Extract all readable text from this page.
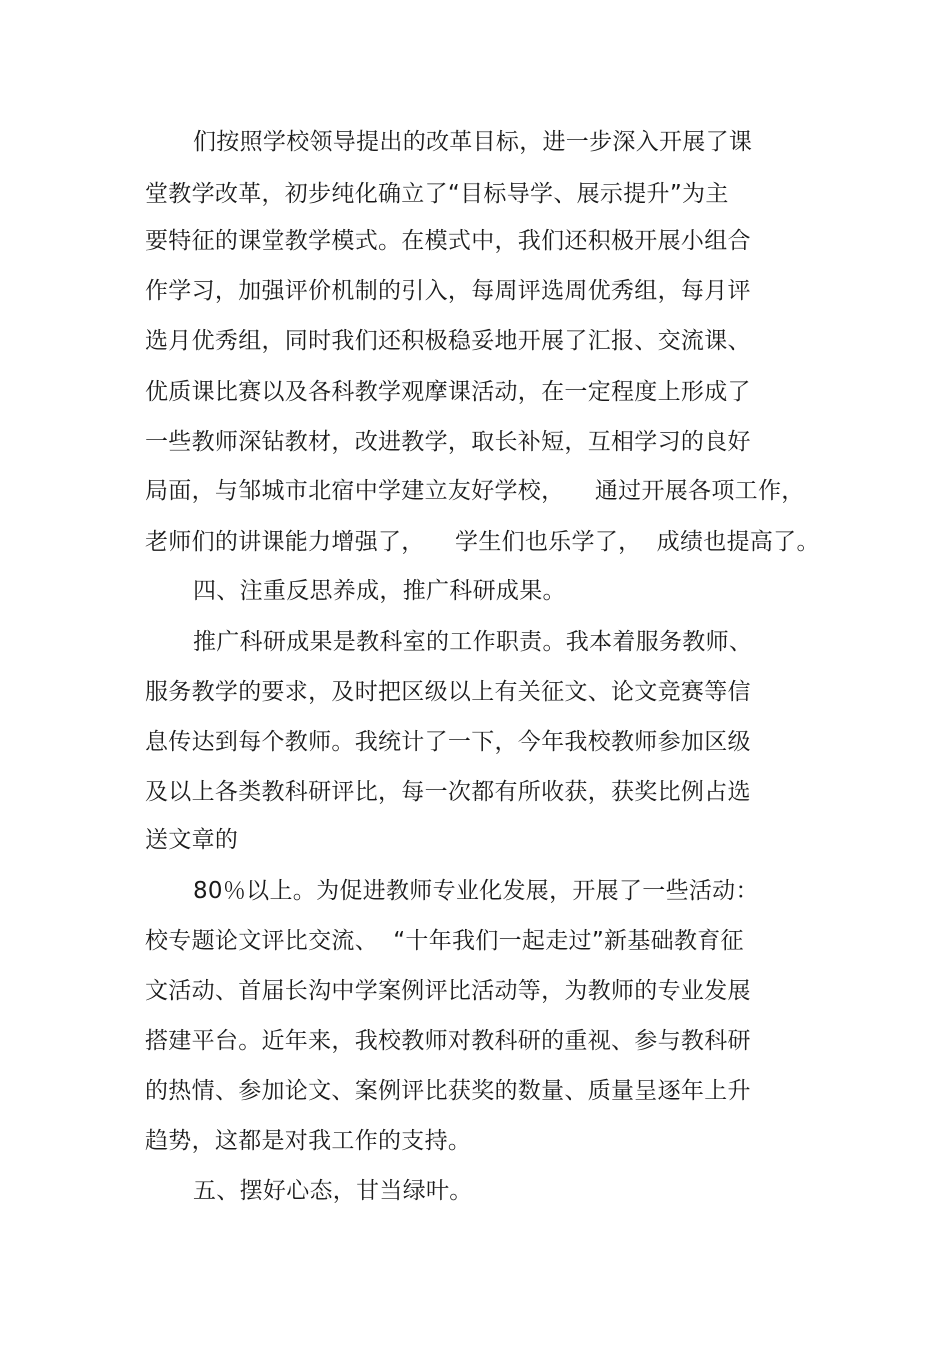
们按照学校领导提出的改革目标，进一步深入开展了课
堂教学改革，初步纯化确立了“目标导学、展示提升”为主
要特征的课堂教学模式。在模式中，我们还积极开展小组合
作学习，加强评价机制的引入，每周评选周优秀组，每月评
选月优秀组，同时我们还积极稳妥地开展了汇报、交流课、
优质课比赛以及各科教学观摩课活动，在一定程度上形成了
一些教师深钻教材，改进教学，取长补短，互相学习的良好
局面，与邹城市北宿中学建立友好学校，    通过开展各项工作，
老师们的讲课能力增强了，    学生们也乐学了，  成绩也提高了。
四、注重反思养成，推广科研成果。
推广科研成果是教科室的工作职责。我本着服务教师、
服务教学的要求，及时把区级以上有关征文、论文竞赛等信
息传达到每个教师。我统计了一下，今年我校教师参加区级
及以上各类教科研评比，每一次都有所收获，获奖比例占选
送文章的
80％以上。为促进教师专业化发展，开展了一些活动：
校专题论文评比交流、  “十年我们一起走过”新基础教育征
文活动、首届长沟中学案例评比活动等，为教师的专业发展
搭建平台。近年来，我校教师对教科研的重视、参与教科研
的热情、参加论文、案例评比获奖的数量、质量呈逐年上升
趋势，这都是对我工作的支持。
五、摆好心态，甘当绿叶。
